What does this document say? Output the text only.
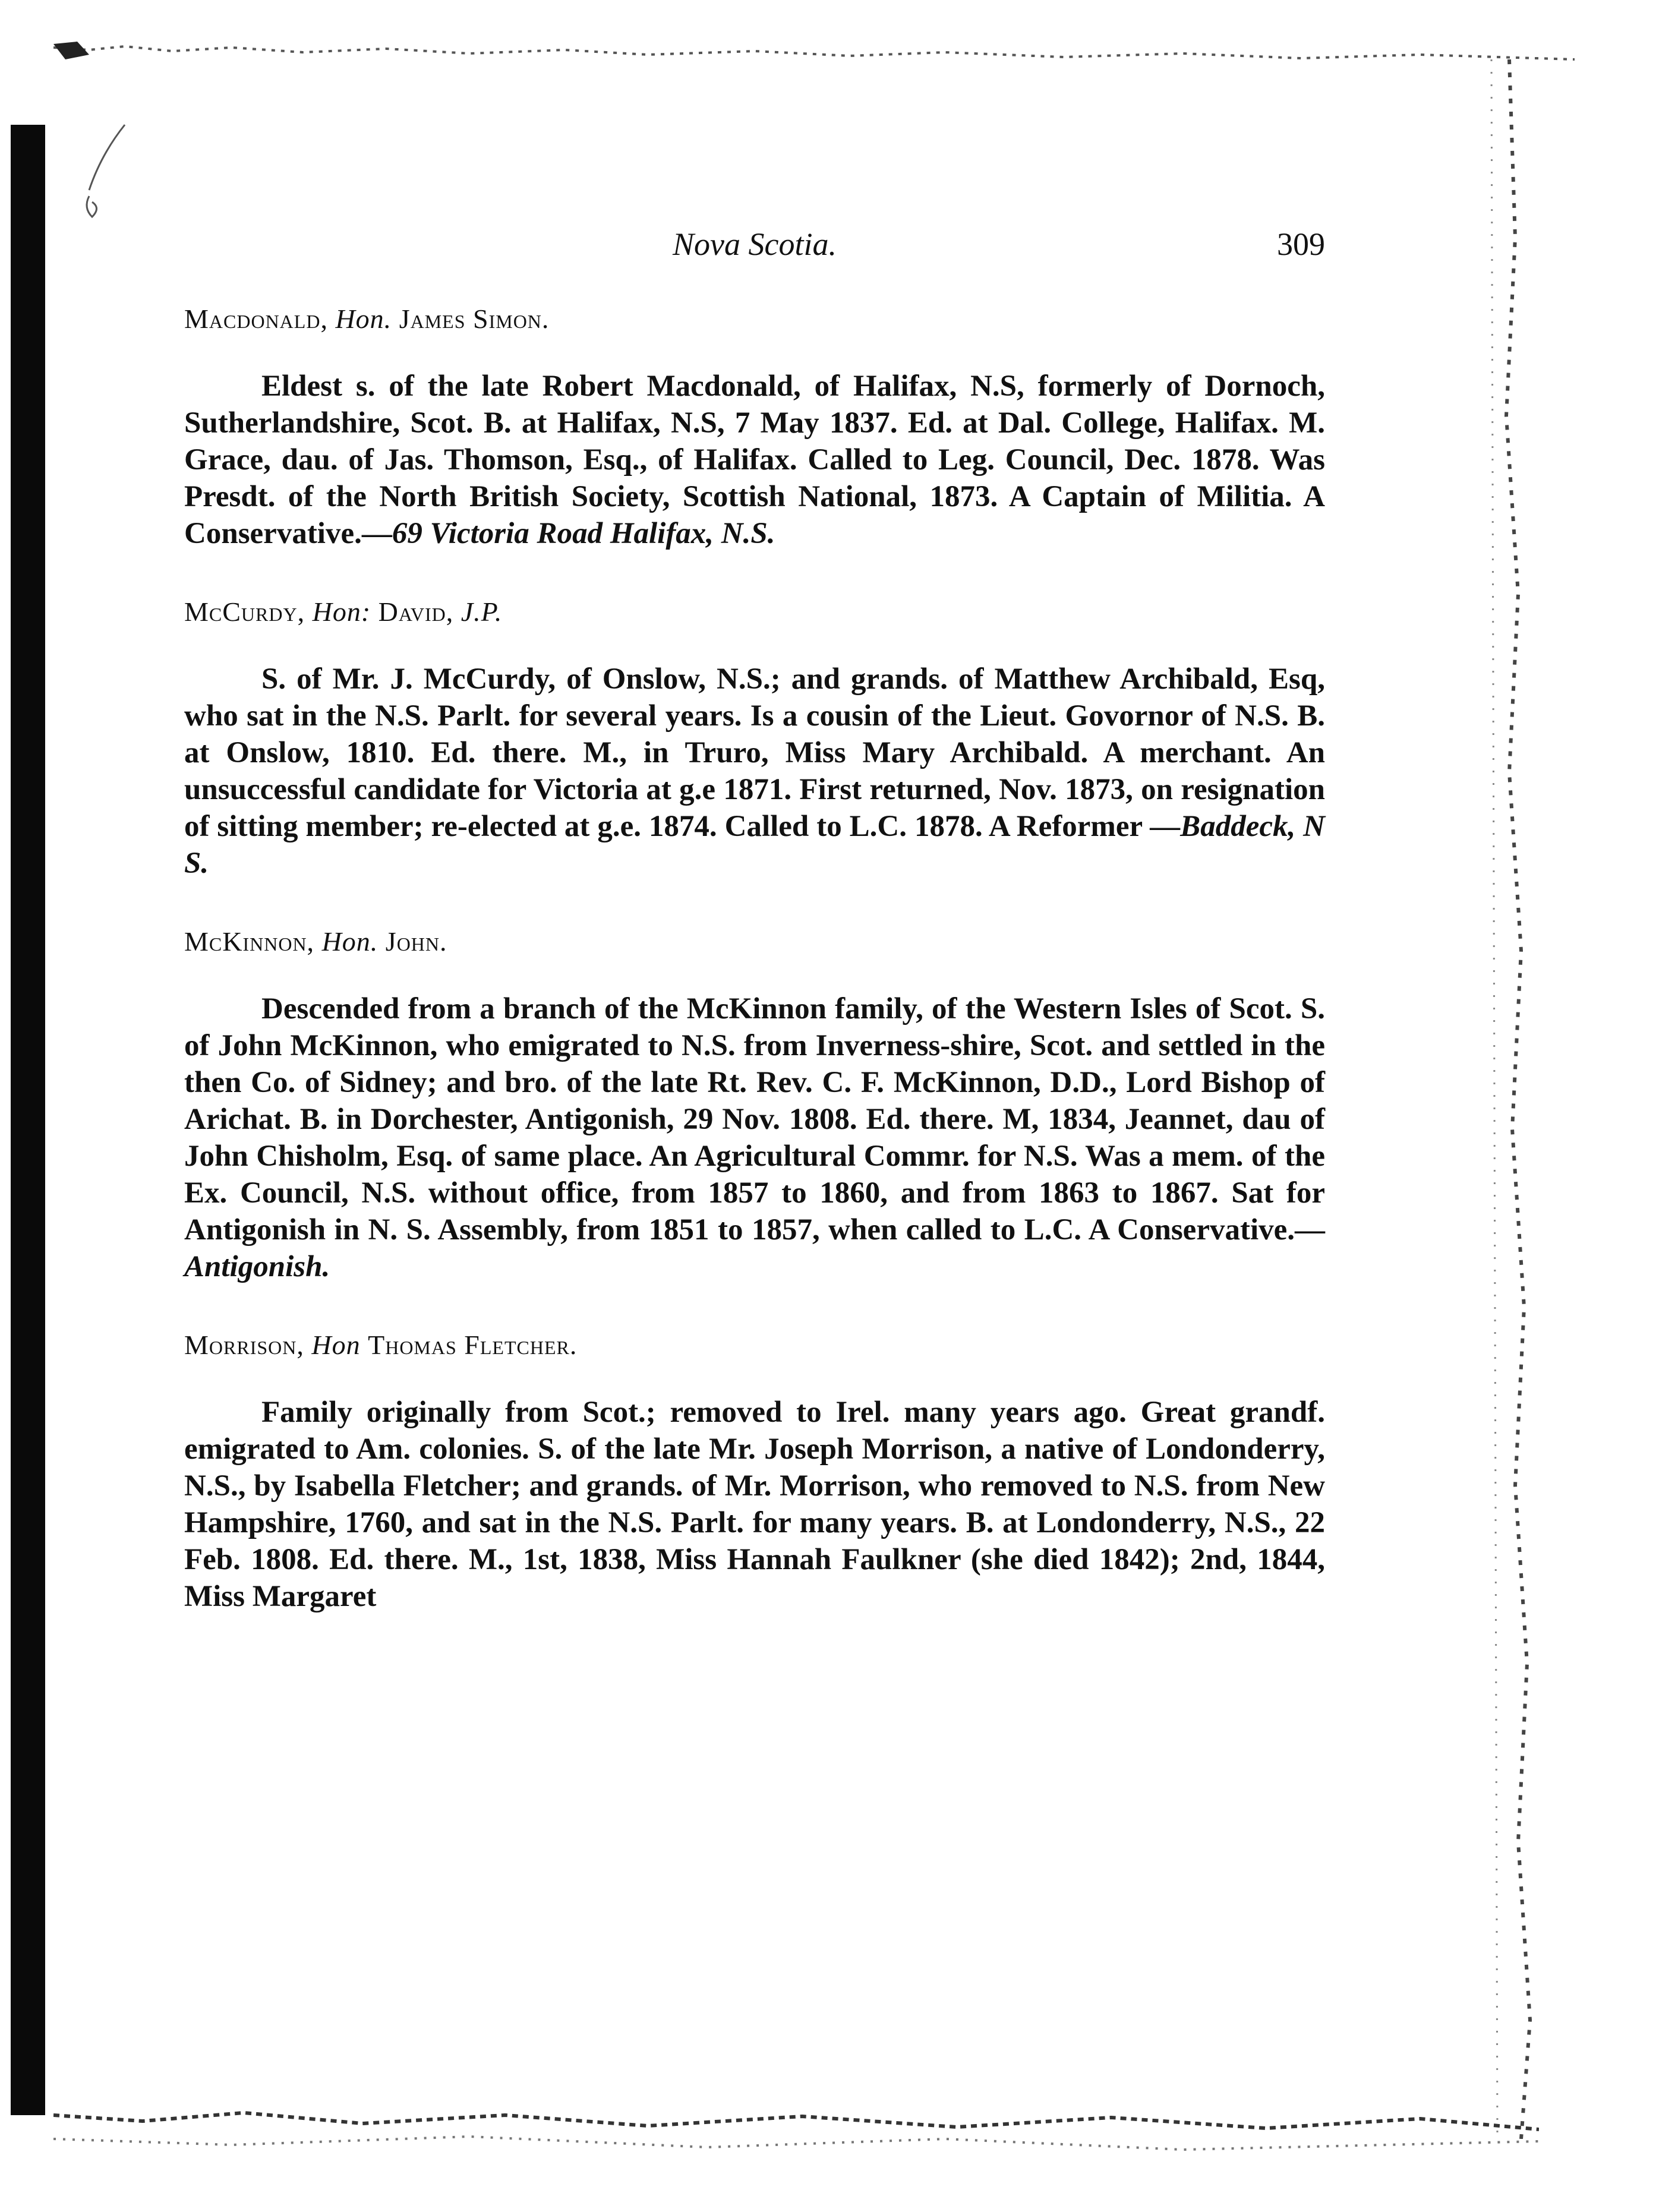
Nova Scotia.	309

Macdonald, Hon. James Simon.

Eldest s. of the late Robert Macdonald, of Halifax, N.S, formerly of Dornoch, Sutherlandshire, Scot. B. at Halifax, N.S, 7 May 1837. Ed. at Dal. College, Halifax. M. Grace, dau. of Jas. Thomson, Esq., of Halifax. Called to Leg. Council, Dec. 1878. Was Presdt. of the North British Society, Scottish National, 1873. A Captain of Militia. A Conservative.—69 Victoria Road Halifax, N.S.

McCurdy, Hon: David, J.P.

S. of Mr. J. McCurdy, of Onslow, N.S.; and grands. of Matthew Archibald, Esq, who sat in the N.S. Parlt. for several years. Is a cousin of the Lieut. Govornor of N.S. B. at Onslow, 1810. Ed. there. M., in Truro, Miss Mary Archibald. A merchant. An unsuccessful candidate for Victoria at g.e 1871. First returned, Nov. 1873, on resignation of sitting member; re-elected at g.e. 1874. Called to L.C. 1878. A Reformer —Baddeck, N S.

McKinnon, Hon. John.

Descended from a branch of the McKinnon family, of the Western Isles of Scot. S. of John McKinnon, who emigrated to N.S. from Inverness-shire, Scot. and settled in the then Co. of Sidney; and bro. of the late Rt. Rev. C. F. McKinnon, D.D., Lord Bishop of Arichat. B. in Dorchester, Antigonish, 29 Nov. 1808. Ed. there. M, 1834, Jeannet, dau of John Chisholm, Esq. of same place. An Agricultural Commr. for N.S. Was a mem. of the Ex. Council, N.S. without office, from 1857 to 1860, and from 1863 to 1867. Sat for Antigonish in N. S. Assembly, from 1851 to 1857, when called to L.C. A Conservative.—Antigonish.

Morrison, Hon Thomas Fletcher.

Family originally from Scot.; removed to Irel. many years ago. Great grandf. emigrated to Am. colonies. S. of the late Mr. Joseph Morrison, a native of Londonderry, N.S., by Isabella Fletcher; and grands. of Mr. Morrison, who removed to N.S. from New Hampshire, 1760, and sat in the N.S. Parlt. for many years. B. at Londonderry, N.S., 22 Feb. 1808. Ed. there. M., 1st, 1838, Miss Hannah Faulkner (she died 1842); 2nd, 1844, Miss Margaret
